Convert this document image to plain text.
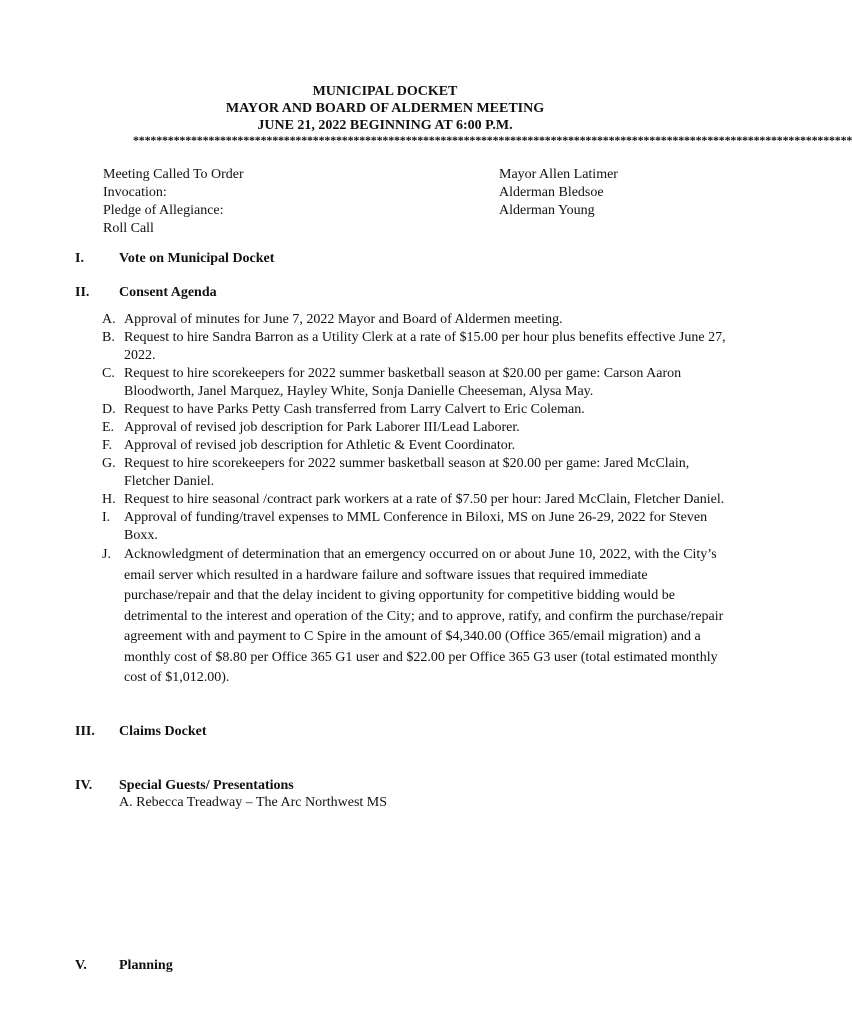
MUNICIPAL DOCKET
MAYOR AND BOARD OF ALDERMEN MEETING
JUNE 21, 2022 BEGINNING AT 6:00 P.M.
****************************************************************************************************************************
Meeting Called To Order
Invocation:
Pledge of Allegiance:
Roll Call
Mayor Allen Latimer
Alderman Bledsoe
Alderman Young
I.	Vote on Municipal Docket
II. Consent Agenda
A. Approval of minutes for June 7, 2022 Mayor and Board of Aldermen meeting.
B. Request to hire Sandra Barron as a Utility Clerk at a rate of $15.00 per hour plus benefits effective June 27, 2022.
C. Request to hire scorekeepers for 2022 summer basketball season at $20.00 per game: Carson Aaron Bloodworth, Janel Marquez, Hayley White, Sonja Danielle Cheeseman, Alysa May.
D. Request to have Parks Petty Cash transferred from Larry Calvert to Eric Coleman.
E. Approval of revised job description for Park Laborer III/Lead Laborer.
F. Approval of revised job description for Athletic & Event Coordinator.
G. Request to hire scorekeepers for 2022 summer basketball season at $20.00 per game: Jared McClain, Fletcher Daniel.
H. Request to hire seasonal /contract park workers at a rate of $7.50 per hour: Jared McClain, Fletcher Daniel.
I. Approval of funding/travel expenses to MML Conference in Biloxi, MS on June 26-29, 2022 for Steven Boxx.
J. Acknowledgment of determination that an emergency occurred on or about June 10, 2022, with the City’s email server which resulted in a hardware failure and software issues that required immediate purchase/repair and that the delay incident to giving opportunity for competitive bidding would be detrimental to the interest and operation of the City; and to approve, ratify, and confirm the purchase/repair agreement with and payment to C Spire in the amount of $4,340.00 (Office 365/email migration) and a monthly cost of $8.80 per Office 365 G1 user and $22.00 per Office 365 G3 user (total estimated monthly cost of $1,012.00).
III. Claims Docket
IV. Special Guests/ Presentations
A. Rebecca Treadway – The Arc Northwest MS
V. Planning
